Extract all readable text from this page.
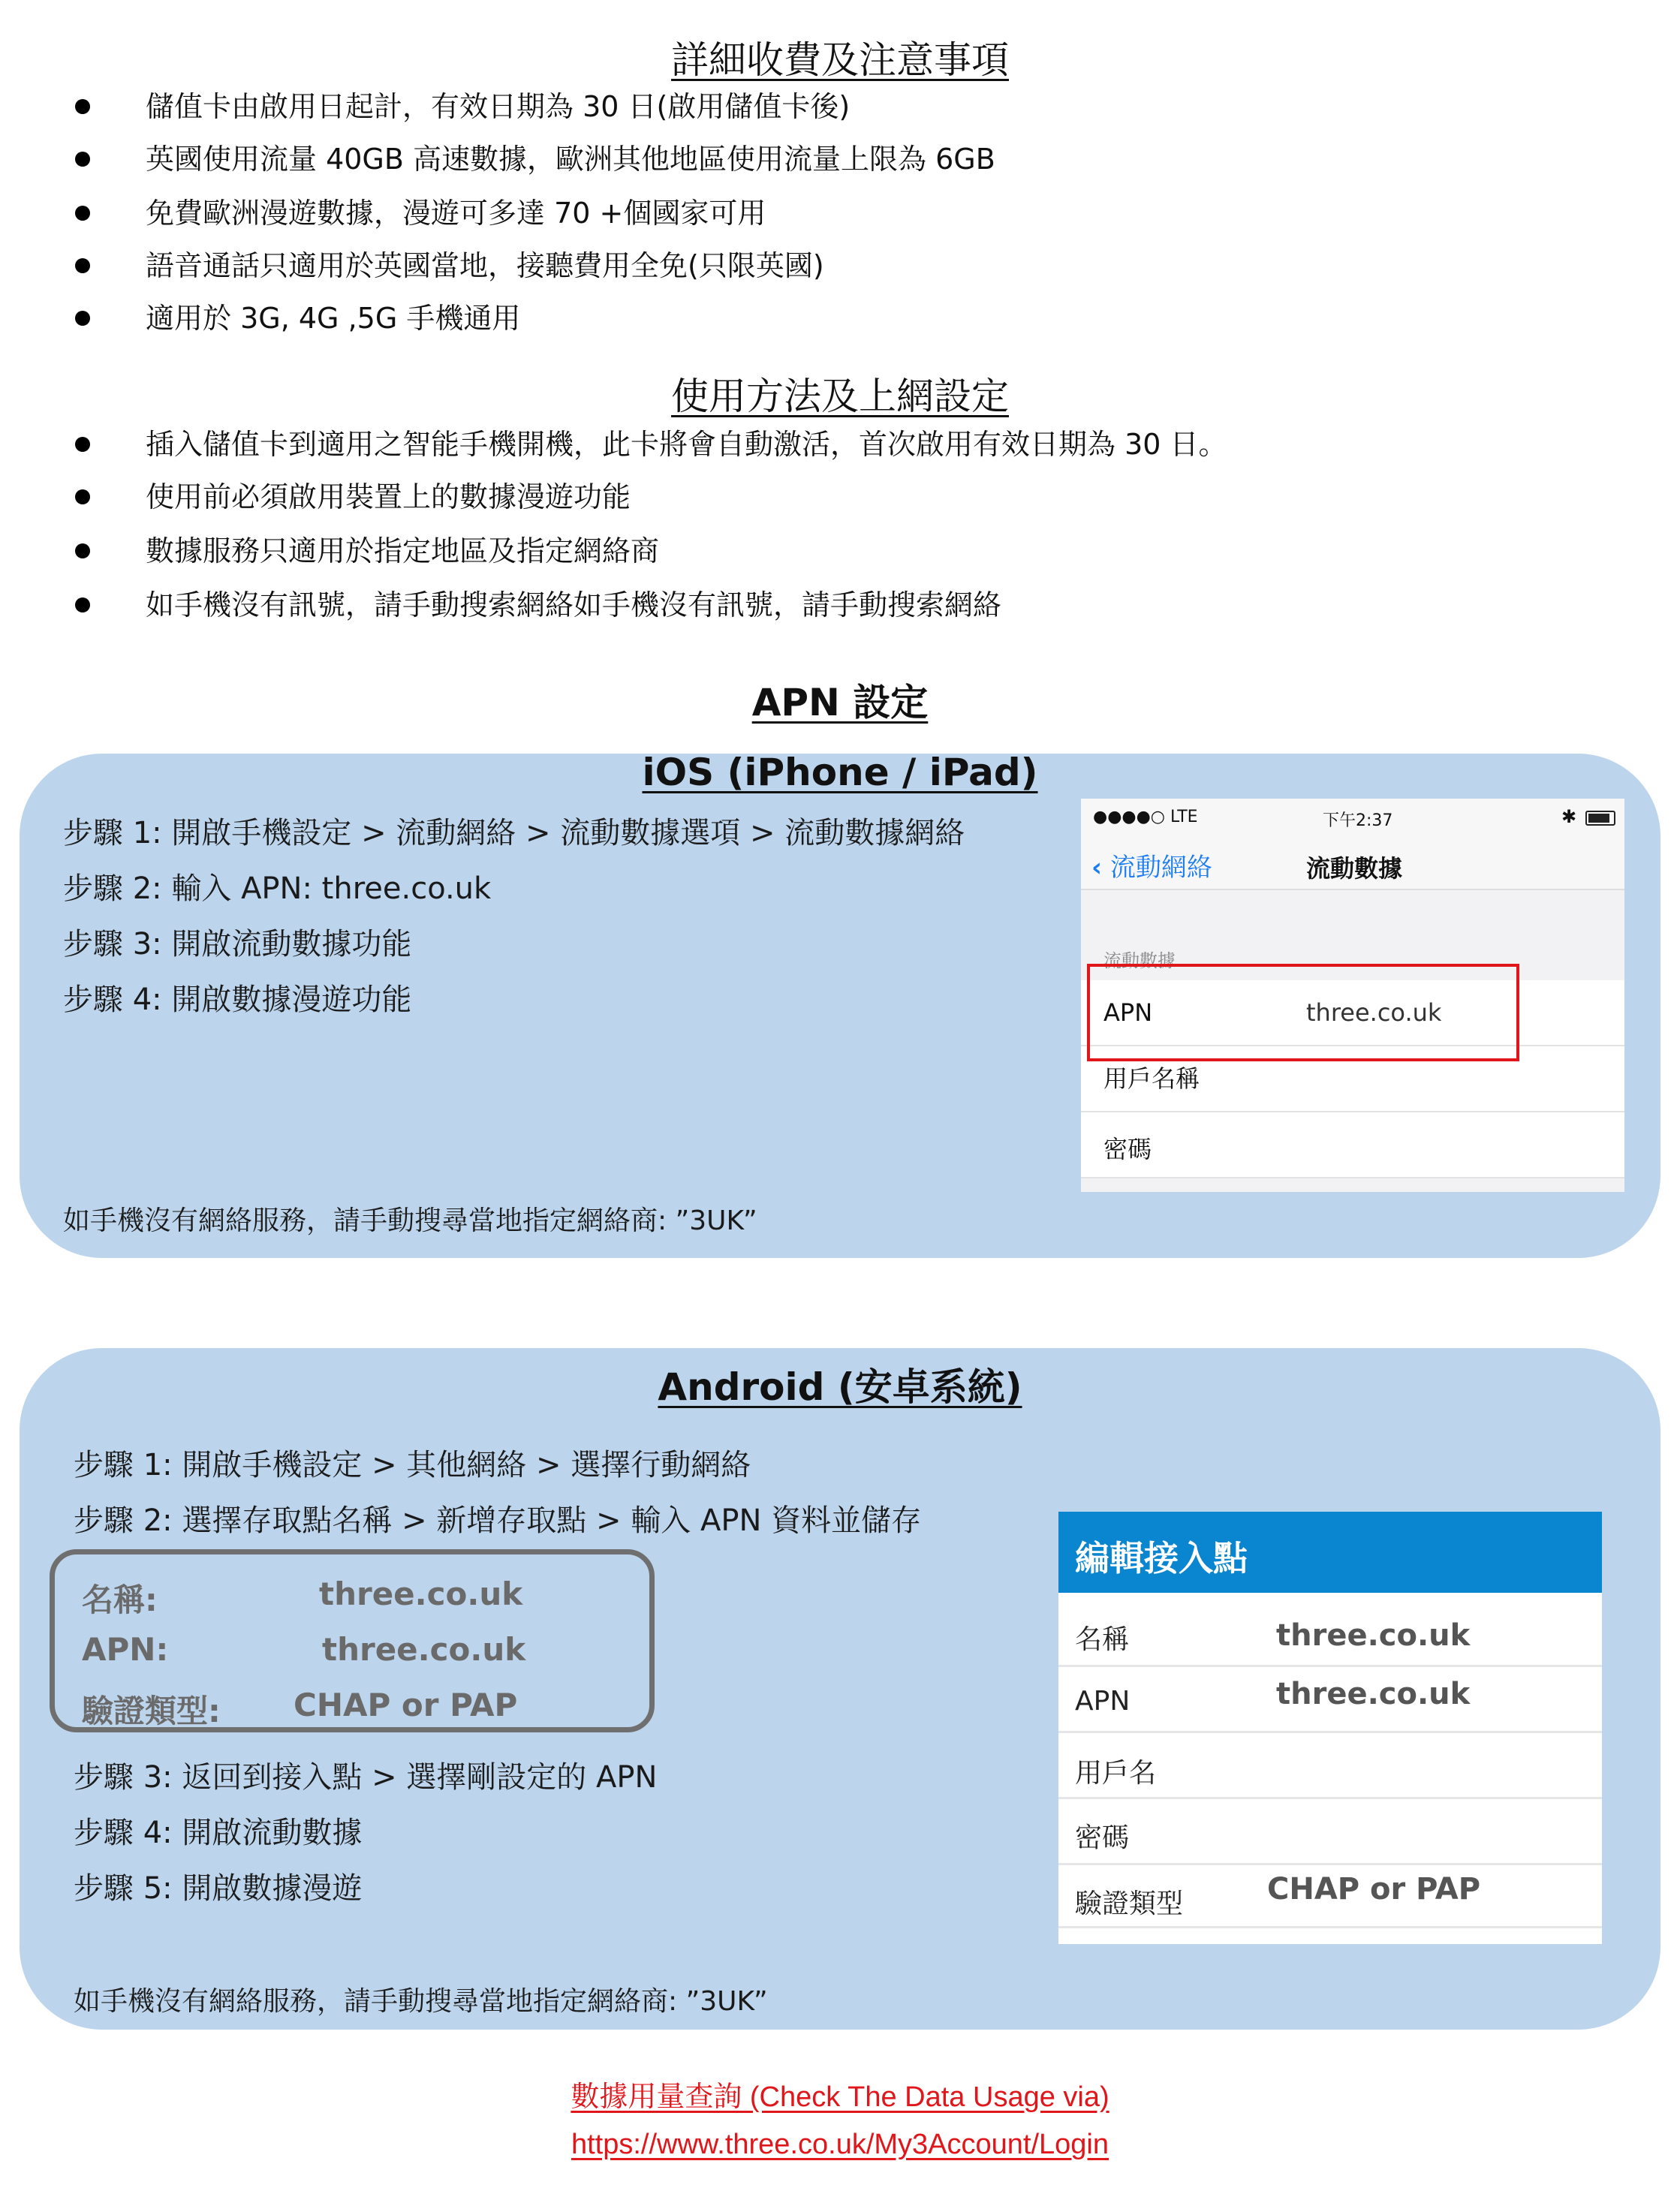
詳細收費及注意事項
儲值卡由啟用日起計，有效日期為 30 日(啟用儲值卡後)
英國使用流量 40GB 高速數據，歐洲其他地區使用流量上限為 6GB
免費歐洲漫遊數據，漫遊可多達 70 +個國家可用
語音通話只適用於英國當地，接聽費用全免(只限英國)
適用於 3G, 4G ,5G 手機通用
使用方法及上網設定
插入儲值卡到適用之智能手機開機，此卡將會自動激活，首次啟用有效日期為 30 日。
使用前必須啟用裝置上的數據漫遊功能
數據服務只適用於指定地區及指定網絡商
如手機沒有訊號，請手動搜索網絡如手機沒有訊號，請手動搜索網絡
APN 設定
iOS (iPhone / iPad)
步驟 1: 開啟手機設定 > 流動網絡 > 流動數據選項 > 流動數據網絡
步驟 2: 輸入 APN: three.co.uk
步驟 3: 開啟流動數據功能
步驟 4: 開啟數據漫遊功能
如手機沒有網絡服務，請手動搜尋當地指定網絡商: ”3UK”
●●●●○ LTE	下午2:37	✱
‹ 流動網絡	流動數據
流動數據
APN	three.co.uk
用戶名稱
密碼
Android (安卓系統)
步驟 1: 開啟手機設定 > 其他網絡 > 選擇行動網絡
步驟 2: 選擇存取點名稱 > 新增存取點 > 輸入 APN 資料並儲存
名稱:	three.co.uk
APN:	three.co.uk
驗證類型: CHAP or PAP
步驟 3: 返回到接入點 > 選擇剛設定的 APN
步驟 4: 開啟流動數據
步驟 5: 開啟數據漫遊
如手機沒有網絡服務，請手動搜尋當地指定網絡商: ”3UK”
編輯接入點
名稱	three.co.uk
APN	three.co.uk
用戶名
密碼
驗證類型	CHAP or PAP
數據用量查詢 (Check The Data Usage via)
https://www.three.co.uk/My3Account/Login
